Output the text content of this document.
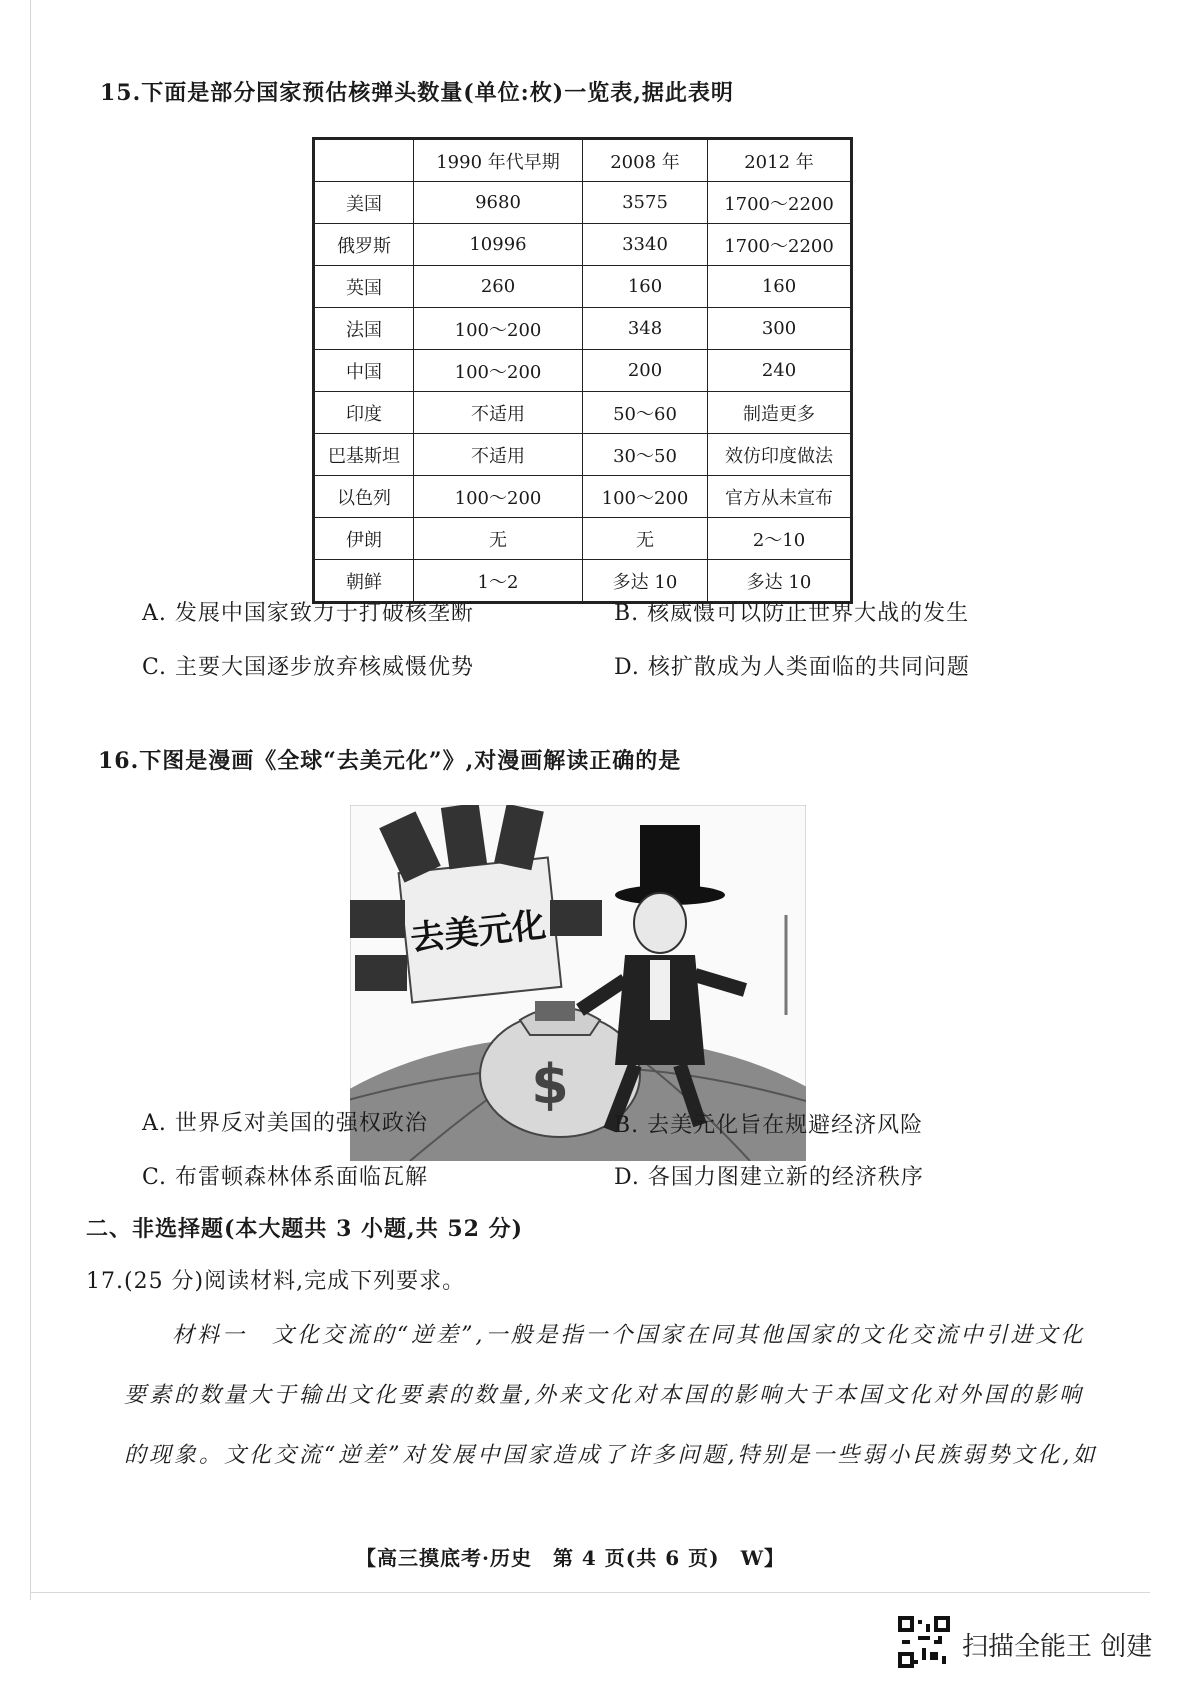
15.下面是部分国家预估核弹头数量(单位:枚)一览表,据此表明
	1990 年代早期	2008 年	2012 年
美国	9680	3575	1700～2200
俄罗斯	10996	3340	1700～2200
英国	260	160	160
法国	100～200	348	300
中国	100～200	200	240
印度	不适用	50～60	制造更多
巴基斯坦	不适用	30～50	效仿印度做法
以色列	100～200	100～200	官方从未宣布
伊朗	无	无	2～10
朝鲜	1～2	多达 10	多达 10
A. 发展中国家致力于打破核垄断	B. 核威慑可以防止世界大战的发生
C. 主要大国逐步放弃核威慑优势	D. 核扩散成为人类面临的共同问题
16.下图是漫画《全球“去美元化”》,对漫画解读正确的是
去美元化
$
A. 世界反对美国的强权政治	B. 去美元化旨在规避经济风险
C. 布雷顿森林体系面临瓦解	D. 各国力图建立新的经济秩序
二、非选择题(本大题共 3 小题,共 52 分)
17.(25 分)阅读材料,完成下列要求。
材料一　文化交流的“逆差”,一般是指一个国家在同其他国家的文化交流中引进文化
要素的数量大于输出文化要素的数量,外来文化对本国的影响大于本国文化对外国的影响
的现象。文化交流“逆差”对发展中国家造成了许多问题,特别是一些弱小民族弱势文化,如
【高三摸底考·历史　第 4 页(共 6 页)　W】
扫描全能王 创建
